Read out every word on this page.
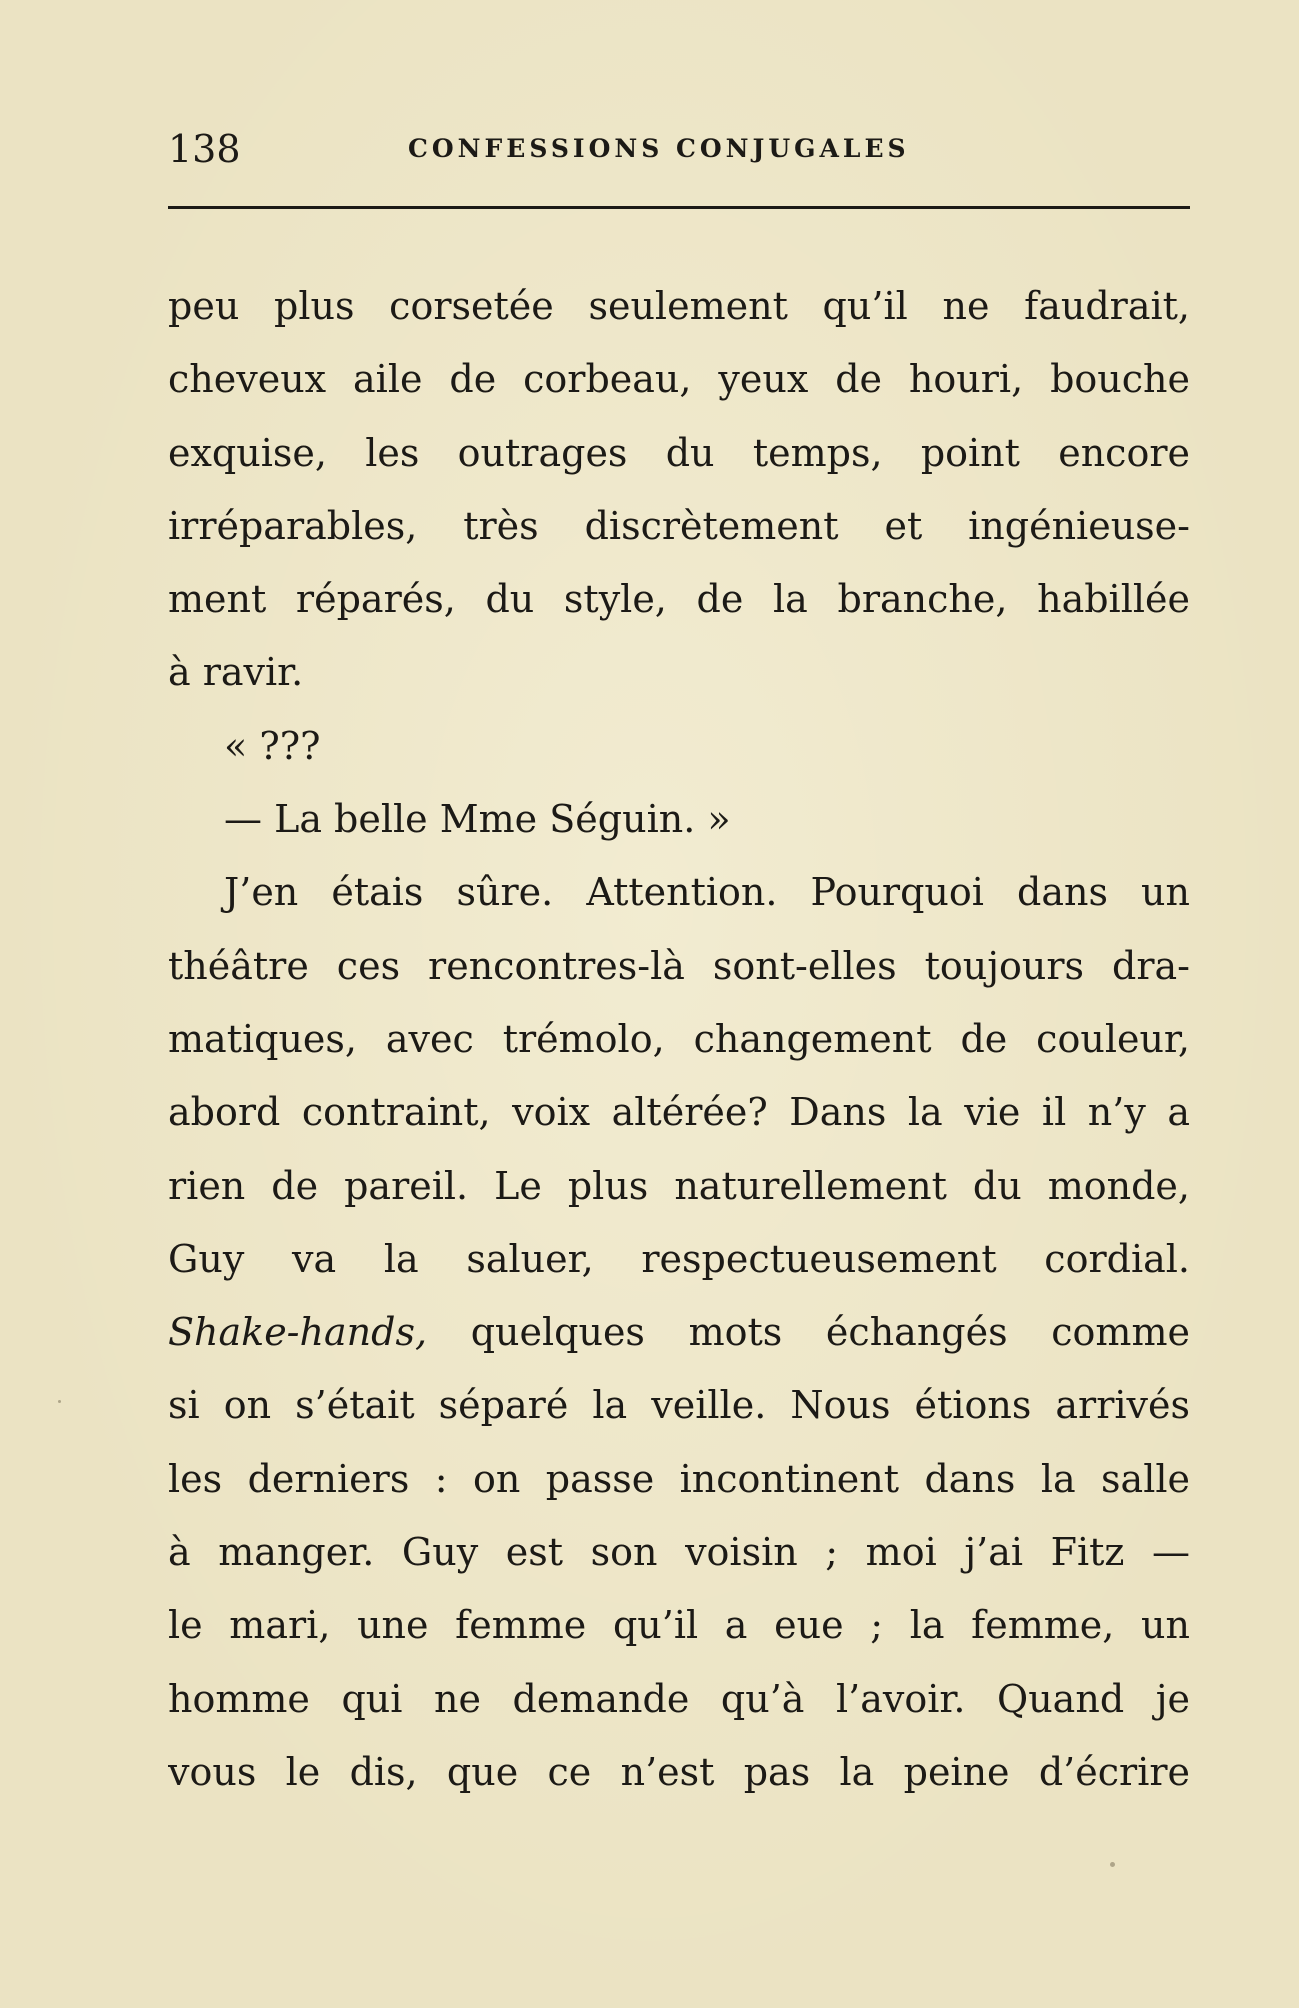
138	CONFESSIONS CONJUGALES
peu plus corsetée seulement qu’il ne faudrait,
cheveux aile de corbeau, yeux de houri, bouche
exquise, les outrages du temps, point encore
irréparables, très discrètement et ingénieuse-
ment réparés, du style, de la branche, habillée
à ravir.
« ???
— La belle Mme Séguin. »
J’en étais sûre. Attention. Pourquoi dans un
théâtre ces rencontres-là sont-elles toujours dra-
matiques, avec trémolo, changement de couleur,
abord contraint, voix altérée? Dans la vie il n’y a
rien de pareil. Le plus naturellement du monde,
Guy va la saluer, respectueusement cordial.
Shake-hands, quelques mots échangés comme
si on s’était séparé la veille. Nous étions arrivés
les derniers : on passe incontinent dans la salle
à manger. Guy est son voisin ; moi j’ai Fitz —
le mari, une femme qu’il a eue ; la femme, un
homme qui ne demande qu’à l’avoir. Quand je
vous le dis, que ce n’est pas la peine d’écrire
